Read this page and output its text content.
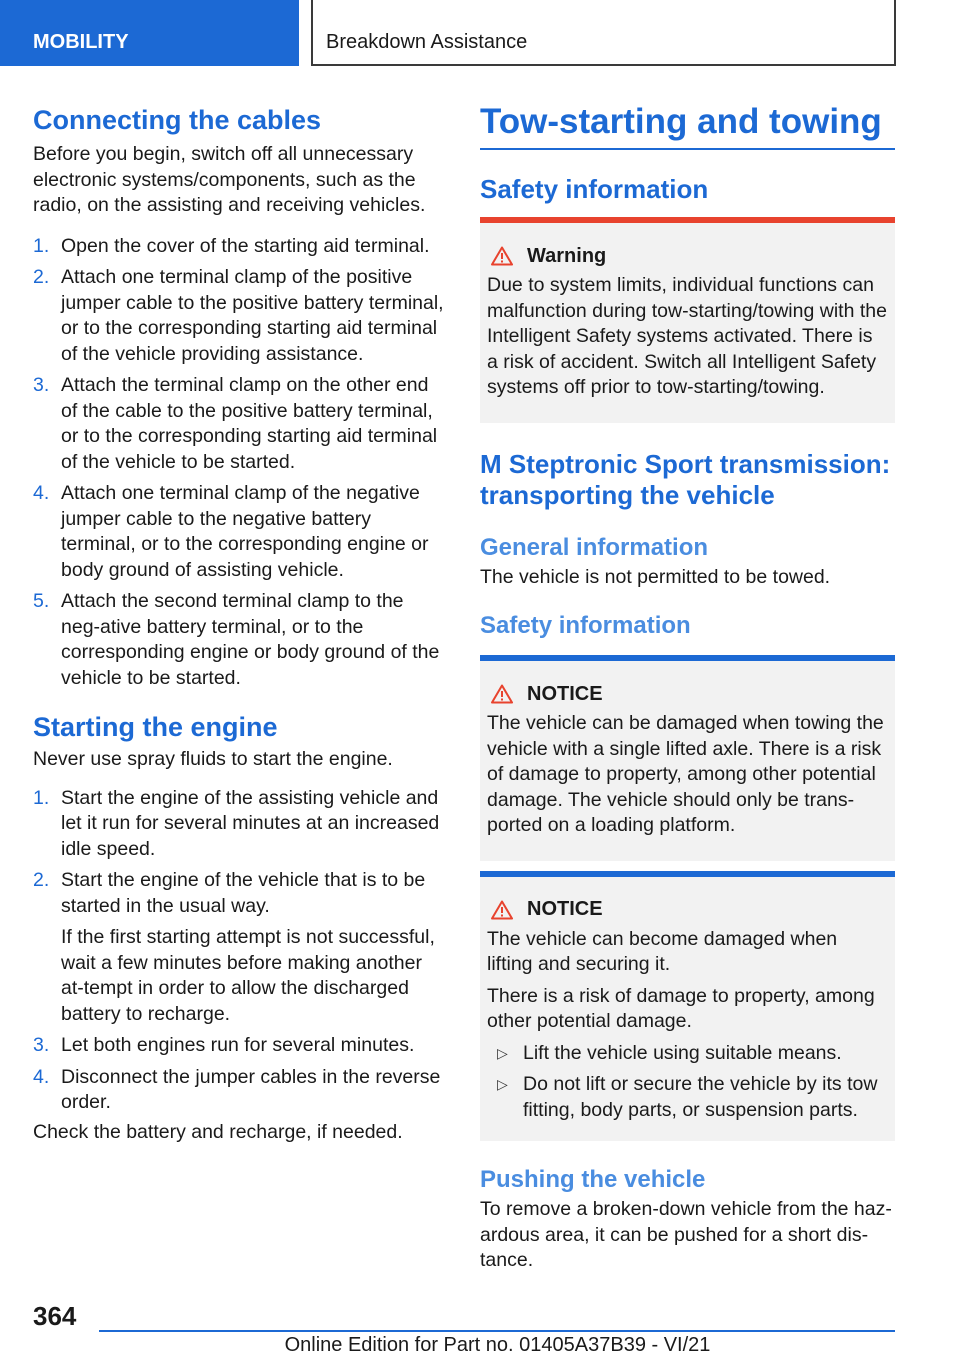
MOBILITY	Breakdown Assistance
Connecting the cables

Before you begin, switch off all unnecessary electronic systems/components, such as the radio, on the assisting and receiving vehicles.

1. Open the cover of the starting aid terminal.
2. Attach one terminal clamp of the positive jumper cable to the positive battery terminal, or to the corresponding starting aid terminal of the vehicle providing assistance.
3. Attach the terminal clamp on the other end of the cable to the positive battery terminal, or to the corresponding starting aid terminal of the vehicle to be started.
4. Attach one terminal clamp of the negative jumper cable to the negative battery terminal, or to the corresponding engine or body ground of assisting vehicle.
5. Attach the second terminal clamp to the neg‐ative battery terminal, or to the corresponding engine or body ground of the vehicle to be started.
Starting the engine

Never use spray fluids to start the engine.

1. Start the engine of the assisting vehicle and let it run for several minutes at an increased idle speed.
2. Start the engine of the vehicle that is to be started in the usual way.
If the first starting attempt is not successful, wait a few minutes before making another at‐tempt in order to allow the discharged battery to recharge.
3. Let both engines run for several minutes.
4. Disconnect the jumper cables in the reverse order.

Check the battery and recharge, if needed.

Tow-starting and towing
Safety information
Warning

Due to system limits, individual functions can malfunction during tow-starting/towing with the Intelligent Safety systems activated. There is a risk of accident. Switch all Intelligent Safety systems off prior to tow-starting/towing.

M Steptronic Sport transmission: transporting the vehicle
General information

The vehicle is not permitted to be towed.

Safety information
NOTICE

The vehicle can be damaged when towing the vehicle with a single lifted axle. There is a risk of damage to property, among other potential damage. The vehicle should only be trans‐ported on a loading platform.

NOTICE

The vehicle can become damaged when lifting and securing it.

There is a risk of damage to property, among other potential damage.

▷ Lift the vehicle using suitable means.
▷ Do not lift or secure the vehicle by its tow fitting, body parts, or suspension parts.
Pushing the vehicle

To remove a broken-down vehicle from the haz‐ardous area, it can be pushed for a short dis‐tance.

364
Online Edition for Part no. 01405A37B39 - VI/21
